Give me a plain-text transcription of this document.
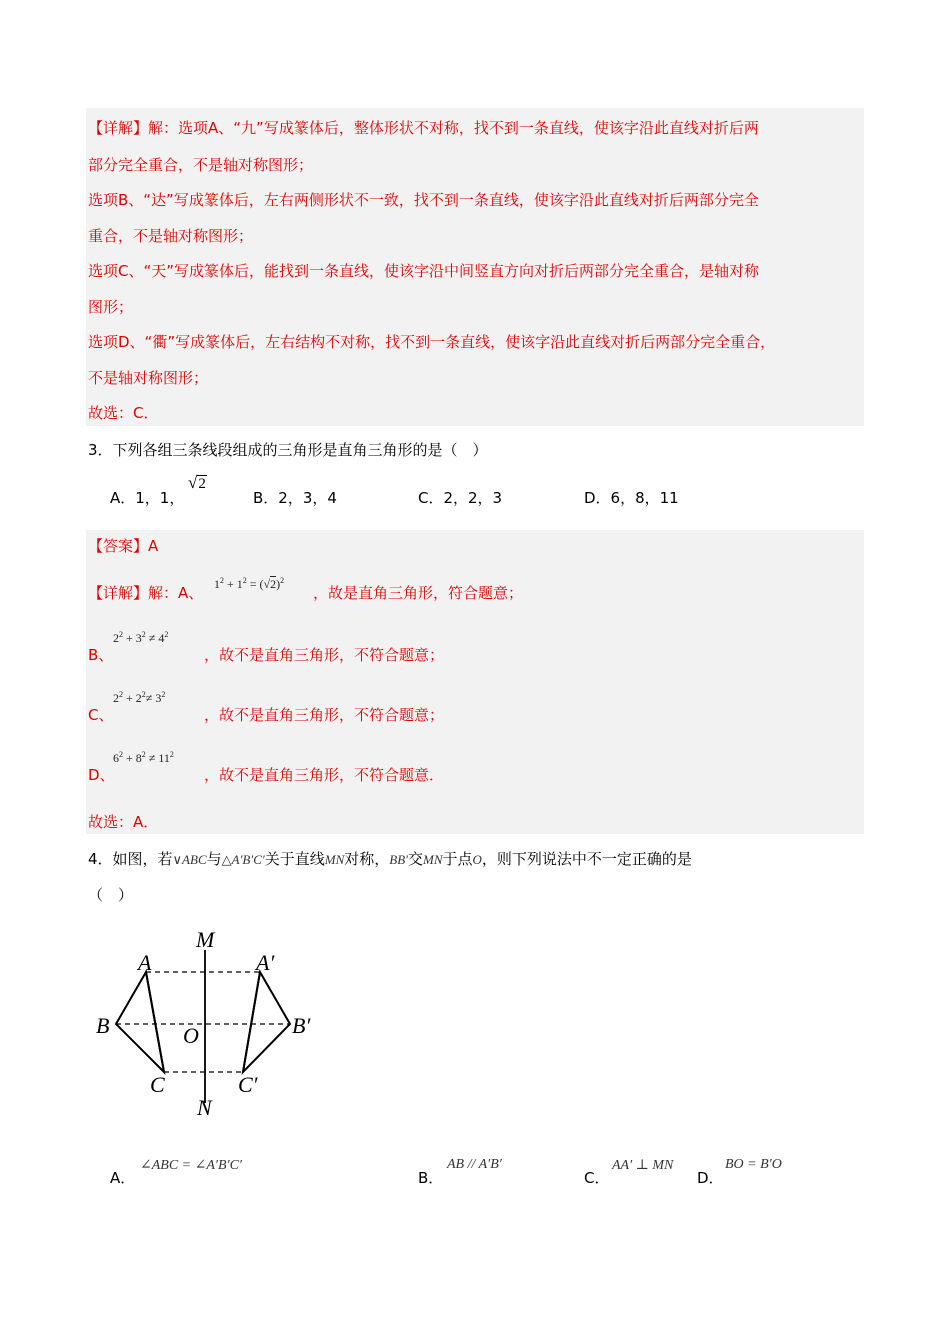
【详解】解：选项A、“九”写成篆体后，整体形状不对称，找不到一条直线，使该字沿此直线对折后两
部分完全重合，不是轴对称图形；
选项B、“达”写成篆体后，左右两侧形状不一致，找不到一条直线，使该字沿此直线对折后两部分完全
重合，不是轴对称图形；
选项C、“天”写成篆体后，能找到一条直线，使该字沿中间竖直方向对折后两部分完全重合，是轴对称
图形；
选项D、“衢”写成篆体后，左右结构不对称，找不到一条直线，使该字沿此直线对折后两部分完全重合，
不是轴对称图形；
故选：C．
3．下列各组三条线段组成的三角形是直角三角形的是（　）
A．1，1，
√2
B．2，3，4	C．2，2，3	D．6，8，11
【答案】A
【详解】解：A、 $1^2 + 1^2 = (√2)^2$
，故是直角三角形，符合题意；
B、
$2^2 + 3^2 \ne 4^2$
，故不是直角三角形，不符合题意；
C、
$2^2 + 2^2\ne 3^2$
，故不是直角三角形，不符合题意；
D、
$6^2 + 8^2 \ne 11^2$
，故不是直角三角形，不符合题意．
故选：A．
4．如图，若∨ABC与△A′B′C′关于直线MN对称，BB′交MN于点O，则下列说法中不一定正确的是
（　）
M
N
A	A′
B	B′
C	C′
O
A．
∠ABC = ∠A′B′C′
B．
AB // A′B′
C．
AA′ ⊥ MN
D．
BO = B′O
